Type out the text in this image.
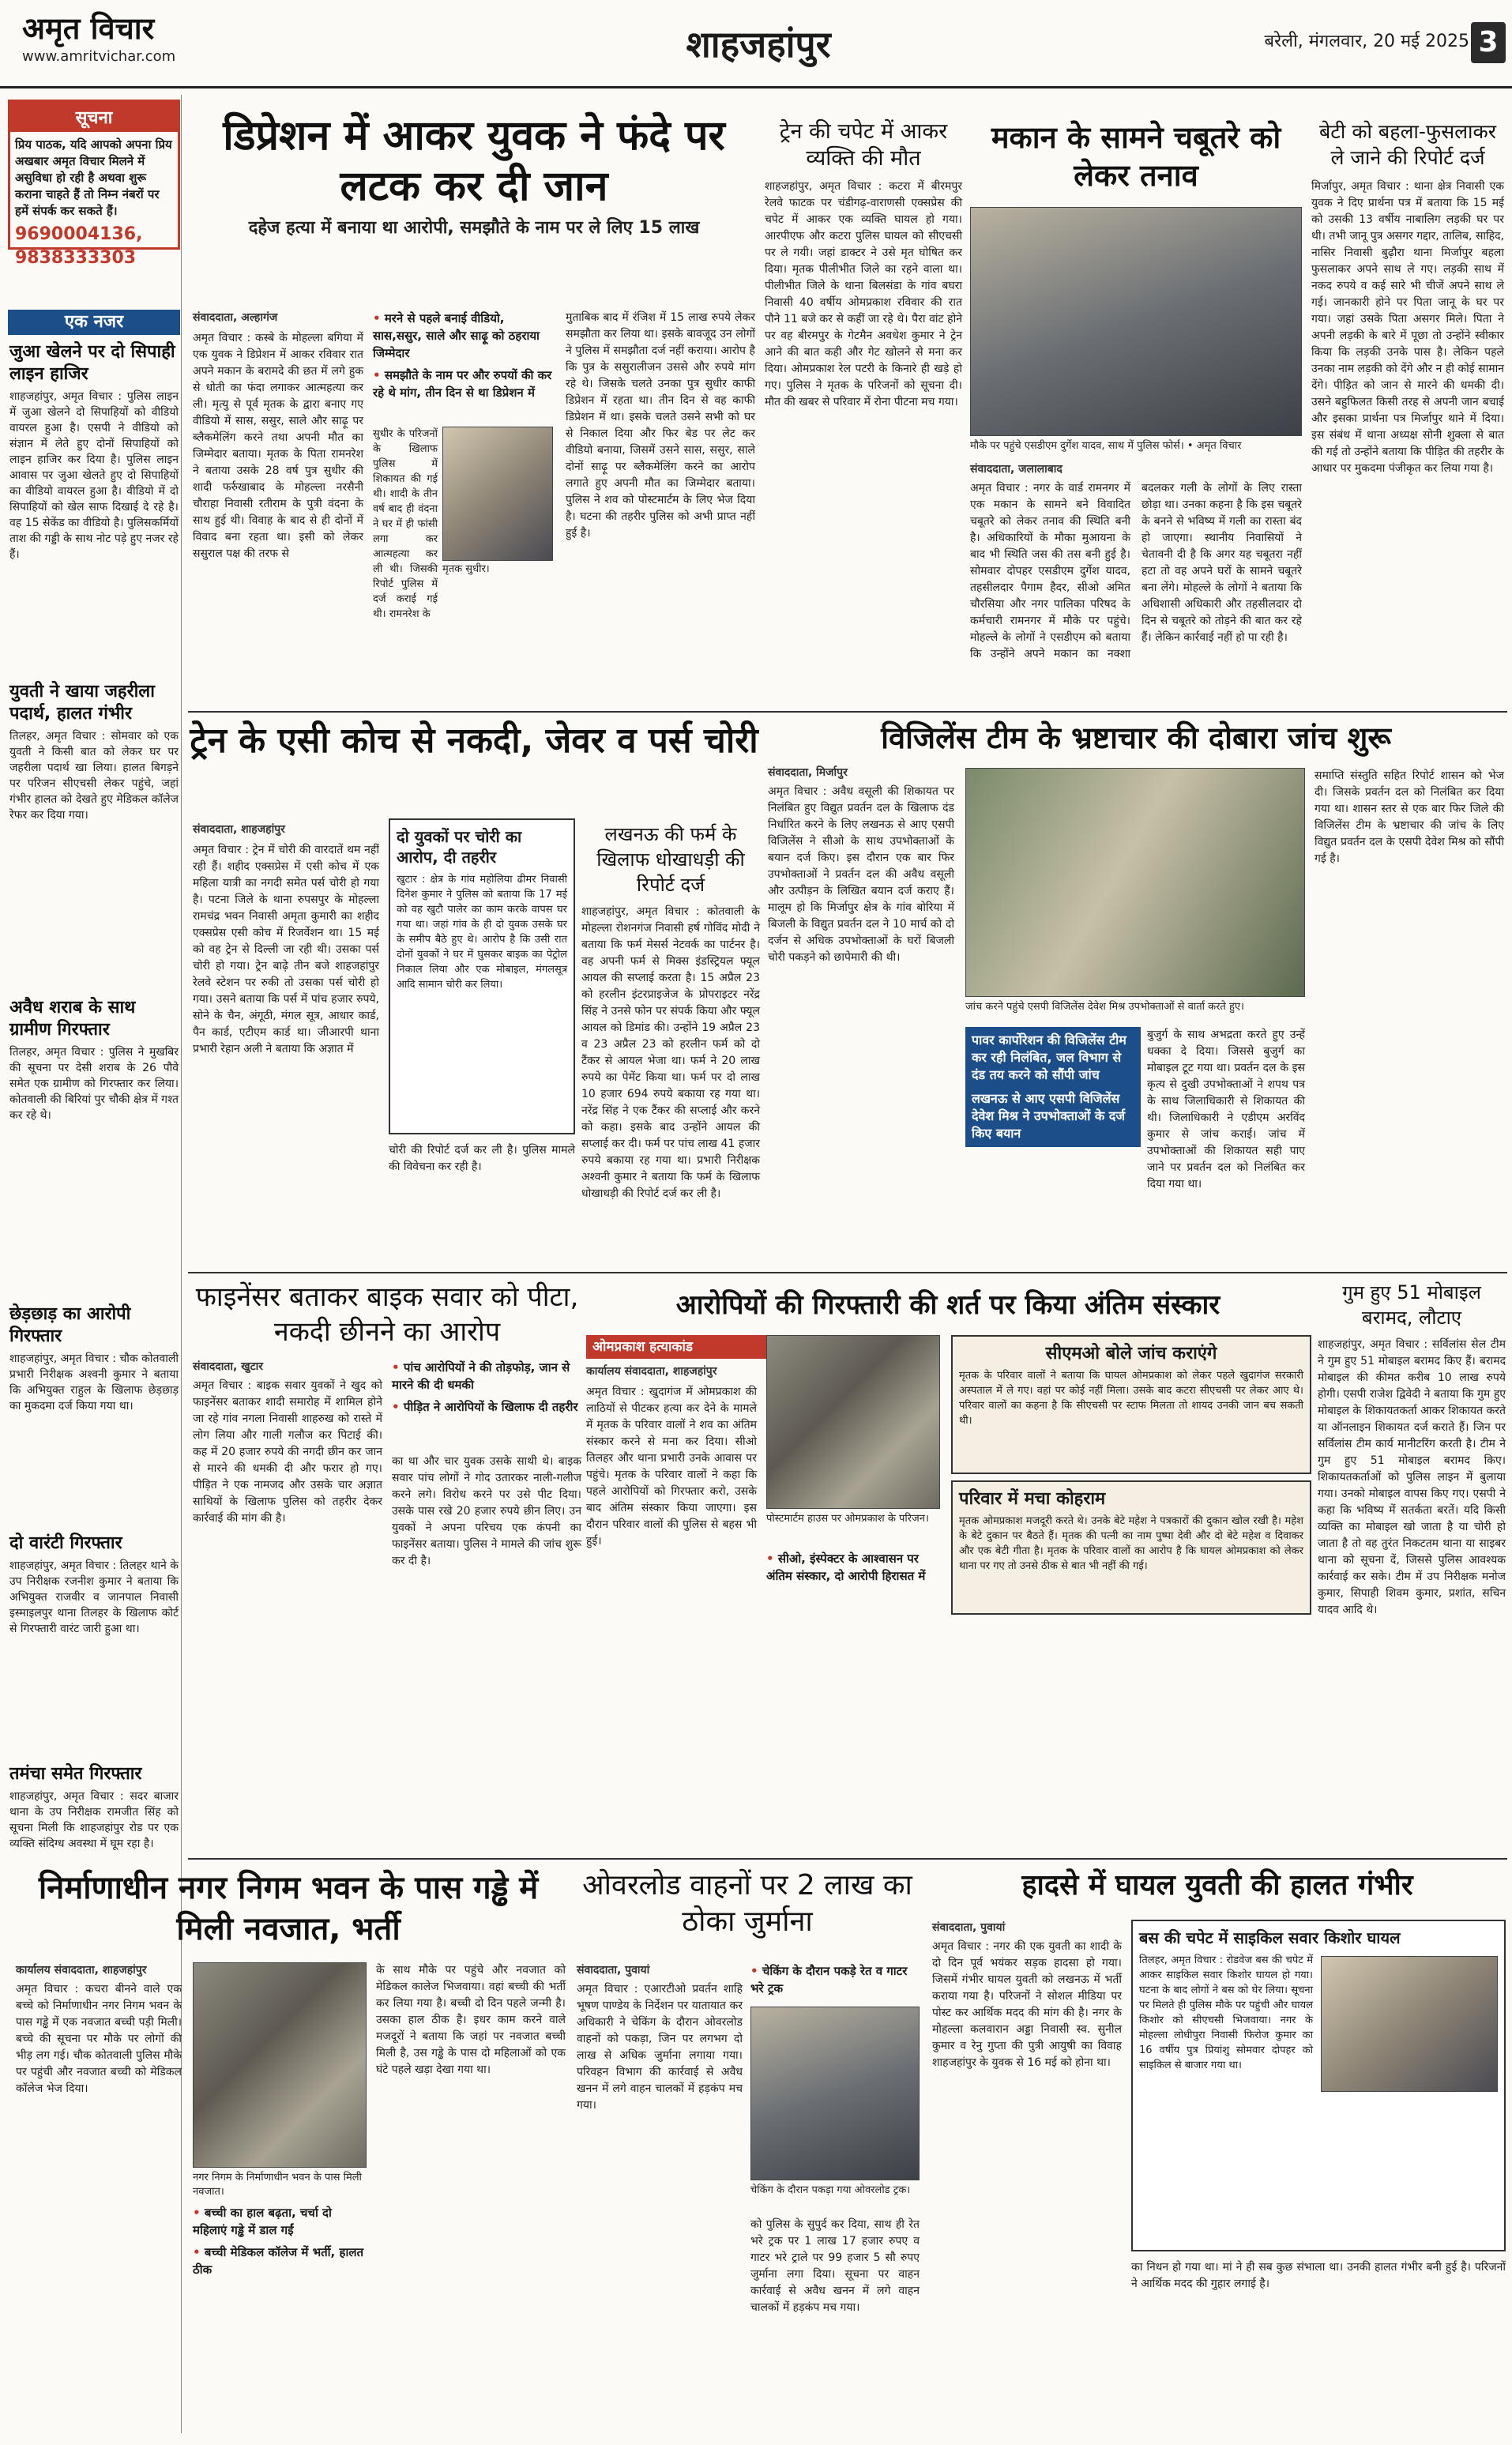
अमृत विचार
www.amritvichar.com	शाहजहांपुर	बरेली, मंगलवार, 20 मई 2025 3
सूचना
प्रिय पाठक, यदि आपको अपना प्रिय अखबार अमृत विचार मिलने में असुविधा हो रही है अथवा शुरू कराना चाहते हैं तो निम्न नंबरों पर हमें संपर्क कर सकते हैं।
9690004136, 9838333303
एक नजर
जुआ खेलने पर दो सिपाही लाइन हाजिर

शाहजहांपुर, अमृत विचार : पुलिस लाइन में जुआ खेलने दो सिपाहियों को वीडियो वायरल हुआ है। एसपी ने वीडियो को संज्ञान में लेते हुए दोनों सिपाहियों को लाइन हाजिर कर दिया है। पुलिस लाइन आवास पर जुआ खेलते हुए दो सिपाहियों का वीडियो वायरल हुआ है। वीडियो में दो सिपाहियों को खेल साफ दिखाई दे रहे है। वह 15 सेकेंड का वीडियो है। पुलिसकर्मियों ताश की गड्डी के साथ नोट पड़े हुए नजर रहे हैं।

युवती ने खाया जहरीला पदार्थ, हालत गंभीर

तिलहर, अमृत विचार : सोमवार को एक युवती ने किसी बात को लेकर घर पर जहरीला पदार्थ खा लिया। हालत बिगड़ने पर परिजन सीएचसी लेकर पहुंचे, जहां गंभीर हालत को देखते हुए मेडिकल कॉलेज रेफर कर दिया गया।

अवैध शराब के साथ ग्रामीण गिरफ्तार

तिलहर, अमृत विचार : पुलिस ने मुखबिर की सूचना पर देसी शराब के 26 पौवे समेत एक ग्रामीण को गिरफ्तार कर लिया। कोतवाली की बिरियां पुर चौकी क्षेत्र में गश्त कर रहे थे।

छेड़छाड़ का आरोपी गिरफ्तार

शाहजहांपुर, अमृत विचार : चौक कोतवाली प्रभारी निरीक्षक अश्वनी कुमार ने बताया कि अभियुक्त राहुल के खिलाफ छेड़छाड़ का मुकदमा दर्ज किया गया था।

दो वारंटी गिरफ्तार

शाहजहांपुर, अमृत विचार : तिलहर थाने के उप निरीक्षक रजनीश कुमार ने बताया कि अभियुक्त राजवीर व जानपाल निवासी इस्माइलपुर थाना तिलहर के खिलाफ कोर्ट से गिरफ्तारी वारंट जारी हुआ था।

तमंचा समेत गिरफ्तार

शाहजहांपुर, अमृत विचार : सदर बाजार थाना के उप निरीक्षक रामजीत सिंह को सूचना मिली कि शाहजहांपुर रोड पर एक व्यक्ति संदिग्ध अवस्था में घूम रहा है।

डिप्रेशन में आकर युवक ने फंदे पर लटक कर दी जान
दहेज हत्या में बनाया था आरोपी, समझौते के नाम पर ले लिए 15 लाख
संवाददाता, अल्हागंज
अमृत विचार : कस्बे के मोहल्ला बगिया में एक युवक ने डिप्रेशन में आकर रविवार रात अपने मकान के बरामदे की छत में लगे हुक से धोती का फंदा लगाकर आत्महत्या कर ली। मृत्यु से पूर्व मृतक के द्वारा बनाए गए वीडियो में सास, ससुर, साले और साढ़ू पर ब्लैकमेलिंग करने तथा अपनी मौत का जिम्मेदार बताया। मृतक के पिता रामनरेश ने बताया उसके 28 वर्ष पुत्र सुधीर की शादी फर्रुखाबाद के मोहल्ला नरसैनी चौराहा निवासी रतीराम के पुत्री वंदना के साथ हुई थी। विवाह के बाद से ही दोनों में विवाद बना रहता था। इसी को लेकर ससुराल पक्ष की तरफ से
• मरने से पहले बनाई वीडियो, सास,ससुर, साले और साढ़ू को ठहराया जिम्मेदार
• समझौते के नाम पर और रुपयों की कर रहे थे मांग, तीन दिन से था डिप्रेशन में
सुधीर के परिजनों के खिलाफ पुलिस में शिकायत की गई थी। शादी के तीन वर्ष बाद ही वंदना ने घर में ही फांसी लगा कर आत्महत्या कर ली थी। जिसकी रिपोर्ट पुलिस में दर्ज कराई गई थी। रामनरेश के
मृतक सुधीर।
मुताबिक बाद में रंजिश में 15 लाख रुपये लेकर समझौता कर लिया था। इसके बावजूद उन लोगों ने पुलिस में समझौता दर्ज नहीं कराया। आरोप है कि पुत्र के ससुरालीजन उससे और रुपये मांग रहे थे। जिसके चलते उनका पुत्र सुधीर काफी डिप्रेशन में रहता था। तीन दिन से वह काफी डिप्रेशन में था। इसके चलते उसने सभी को घर से निकाल दिया और फिर बेड पर लेट कर वीडियो बनाया, जिसमें उसने सास, ससुर, साले दोनों साढ़ू पर ब्लैकमेलिंग करने का आरोप लगाते हुए अपनी मौत का जिम्मेदार बताया। पुलिस ने शव को पोस्टमार्टम के लिए भेज दिया है। घटना की तहरीर पुलिस को अभी प्राप्त नहीं हुई है।
ट्रेन की चपेट में आकर व्यक्ति की मौत
शाहजहांपुर, अमृत विचार : कटरा में बीरमपुर रेलवे फाटक पर चंडीगढ़-वाराणसी एक्सप्रेस की चपेट में आकर एक व्यक्ति घायल हो गया। आरपीएफ और कटरा पुलिस घायल को सीएचसी पर ले गयी। जहां डाक्टर ने उसे मृत घोषित कर दिया। मृतक पीलीभीत जिले का रहने वाला था। पीलीभीत जिले के थाना बिलसंडा के गांव बघरा निवासी 40 वर्षीय ओमप्रकाश रविवार की रात पौने 11 बजे कर से कहीं जा रहे थे। पैरा वांट होने पर वह बीरमपुर के गेटमैन अवधेश कुमार ने ट्रेन आने की बात कही और गेट खोलने से मना कर दिया। ओमप्रकाश रेल पटरी के किनारे ही खड़े हो गए। पुलिस ने मृतक के परिजनों को सूचना दी। मौत की खबर से परिवार में रोना पीटना मच गया।
मकान के सामने चबूतरे को लेकर तनाव
मौके पर पहुंचे एसडीएम दुर्गेश यादव, साथ में पुलिस फोर्स। • अमृत विचार
संवाददाता, जलालाबाद
अमृत विचार : नगर के वार्ड रामनगर में एक मकान के सामने बने विवादित चबूतरे को लेकर तनाव की स्थिति बनी है। अधिकारियों के मौका मुआयना के बाद भी स्थिति जस की तस बनी हुई है। सोमवार दोपहर एसडीएम दुर्गेश यादव, तहसीलदार पैगाम हैदर, सीओ अमित चौरसिया और नगर पालिका परिषद के कर्मचारी रामनगर में मौके पर पहुंचे। मोहल्ले के लोगों ने एसडीएम को बताया कि उन्होंने अपने मकान का नक्शा बदलकर गली के लोगों के लिए रास्ता छोड़ा था। उनका कहना है कि इस चबूतरे के बनने से भविष्य में गली का रास्ता बंद हो जाएगा। स्थानीय निवासियों ने चेतावनी दी है कि अगर यह चबूतरा नहीं हटा तो वह अपने घरों के सामने चबूतरे बना लेंगे। मोहल्ले के लोगों ने बताया कि अधिशासी अधिकारी और तहसीलदार दो दिन से चबूतरे को तोड़ने की बात कर रहे हैं। लेकिन कार्रवाई नहीं हो पा रही है।
बेटी को बहला-फुसलाकर ले जाने की रिपोर्ट दर्ज
मिर्जापुर, अमृत विचार : थाना क्षेत्र निवासी एक युवक ने दिए प्रार्थना पत्र में बताया कि 15 मई को उसकी 13 वर्षीय नाबालिग लड़की घर पर थी। तभी जानू पुत्र असगर गद्दार, तालिब, साहिद, नासिर निवासी बुढ़ौरा थाना मिर्जापुर बहला फुसलाकर अपने साथ ले गए। लड़की साथ में नकद रुपये व कई सारे भी चीजें अपने साथ ले गई। जानकारी होने पर पिता जानू के घर पर गया। जहां उसके पिता असगर मिले। पिता ने अपनी लड़की के बारे में पूछा तो उन्होंने स्वीकार किया कि लड़की उनके पास है। लेकिन पहले उनका नाम लड़की को देंगे और न ही कोई सामान देंगे। पीड़ित को जान से मारने की धमकी दी। उसने बहुफिलत किसी तरह से अपनी जान बचाई और इसका प्रार्थना पत्र मिर्जापुर थाने में दिया। इस संबंध में थाना अध्यक्ष सोनी शुक्ला से बात की गई तो उन्होंने बताया कि पीड़ित की तहरीर के आधार पर मुकदमा पंजीकृत कर लिया गया है।
ट्रेन के एसी कोच से नकदी, जेवर व पर्स चोरी
संवाददाता, शाहजहांपुर
अमृत विचार : ट्रेन में चोरी की वारदातें थम नहीं रही हैं। शहीद एक्सप्रेस में एसी कोच में एक महिला यात्री का नगदी समेत पर्स चोरी हो गया है। पटना जिले के थाना रुपसपुर के मोहल्ला रामचंद्र भवन निवासी अमृता कुमारी का शहीद एक्सप्रेस एसी कोच में रिजर्वेशन था। 15 मई को वह ट्रेन से दिल्ली जा रही थी। उसका पर्स चोरी हो गया। ट्रेन बाढ़े तीन बजे शाहजहांपुर रेलवे स्टेशन पर रुकी तो उसका पर्स चोरी हो गया। उसने बताया कि पर्स में पांच हजार रुपये, सोने के चैन, अंगूठी, मंगल सूत्र, आधार कार्ड, पैन कार्ड, एटीएम कार्ड था। जीआरपी थाना प्रभारी रेहान अली ने बताया कि अज्ञात में
दो युवकों पर चोरी का आरोप, दी तहरीर
खुटार : क्षेत्र के गांव महोलिया ढीमर निवासी दिनेश कुमार ने पुलिस को बताया कि 17 मई को वह खुटौ पालेर का काम करके वापस घर गया था। जहां गांव के ही दो युवक उसके घर के समीप बैठे हुए थे। आरोप है कि उसी रात दोनों युवकों ने घर में घुसकर बाइक का पेट्रोल निकाल लिया और एक मोबाइल, मंगलसूत्र आदि सामान चोरी कर लिया।
चोरी की रिपोर्ट दर्ज कर ली है। पुलिस मामले की विवेचना कर रही है।
लखनऊ की फर्म के खिलाफ धोखाधड़ी की रिपोर्ट दर्ज
शाहजहांपुर, अमृत विचार : कोतवाली के मोहल्ला रोशनगंज निवासी हर्ष गोविंद मोदी ने बताया कि फर्म मेसर्स नेटवर्क का पार्टनर है। वह अपनी फर्म से मिक्स इंडस्ट्रियल फ्यूल आयल की सप्लाई करता है। 15 अप्रैल 23 को हरलीन इंटरप्राइजेज के प्रोपराइटर नरेंद्र सिंह ने उनसे फोन पर संपर्क किया और फ्यूल आयल को डिमांड की। उन्होंने 19 अप्रैल 23 व 23 अप्रैल 23 को हरलीन फर्म को दो टैंकर से आयल भेजा था। फर्म ने 20 लाख रुपये का पेमेंट किया था। फर्म पर दो लाख 10 हजार 694 रुपये बकाया रह गया था। नरेंद्र सिंह ने एक टैंकर की सप्लाई और करने को कहा। इसके बाद उन्होंने आयल की सप्लाई कर दी। फर्म पर पांच लाख 41 हजार रुपये बकाया रह गया था। प्रभारी निरीक्षक अश्वनी कुमार ने बताया कि फर्म के खिलाफ धोखाधड़ी की रिपोर्ट दर्ज कर ली है।
विजिलेंस टीम के भ्रष्टाचार की दोबारा जांच शुरू
संवाददाता, मिर्जापुर
अमृत विचार : अवैध वसूली की शिकायत पर निलंबित हुए विद्युत प्रवर्तन दल के खिलाफ दंड निर्धारित करने के लिए लखनऊ से आए एसपी विजिलेंस ने सीओ के साथ उपभोक्ताओं के बयान दर्ज किए। इस दौरान एक बार फिर उपभोक्ताओं ने प्रवर्तन दल की अवैध वसूली और उत्पीड़न के लिखित बयान दर्ज कराए हैं। मालूम हो कि मिर्जापुर क्षेत्र के गांव बोरिया में बिजली के विद्युत प्रवर्तन दल ने 10 मार्च को दो दर्जन से अधिक उपभोक्ताओं के घरों बिजली चोरी पकड़ने को छापेमारी की थी।
जांच करने पहुंचे एसपी विजिलेंस देवेश मिश्र उपभोक्ताओं से वार्ता करते हुए।
पावर कार्पोरेशन की विजिलेंस टीम कर रही निलंबित, जल विभाग से दंड तय करने को सौंपी जांच
लखनऊ से आए एसपी विजिलेंस देवेश मिश्र ने उपभोक्ताओं के दर्ज किए बयान
बुजुर्ग के साथ अभद्रता करते हुए उन्हें धक्का दे दिया। जिससे बुजुर्ग का मोबाइल टूट गया था। प्रवर्तन दल के इस कृत्य से दुखी उपभोक्ताओं ने शपथ पत्र के साथ जिलाधिकारी से शिकायत की थी। जिलाधिकारी ने एडीएम अरविंद कुमार से जांच कराई। जांच में उपभोक्ताओं की शिकायत सही पाए जाने पर प्रवर्तन दल को निलंबित कर दिया गया था।
समाप्ति संस्तुति सहित रिपोर्ट शासन को भेज दी। जिसके प्रवर्तन दल को निलंबित कर दिया गया था। शासन स्तर से एक बार फिर जिले की विजिलेंस टीम के भ्रष्टाचार की जांच के लिए विद्युत प्रवर्तन दल के एसपी देवेश मिश्र को सौंपी गई है।
फाइनेंसर बताकर बाइक सवार को पीटा, नकदी छीनने का आरोप
संवाददाता, खुटार
अमृत विचार : बाइक सवार युवकों ने खुद को फाइनेंसर बताकर शादी समारोह में शामिल होने जा रहे गांव नगला निवासी शाहरुख को रास्ते में लोग लिया और गाली गलौज कर पिटाई की। कह में 20 हजार रुपये की नगदी छीन कर जान से मारने की धमकी दी और फरार हो गए। पीड़ित ने एक नामजद और उसके चार अज्ञात साथियों के खिलाफ पुलिस को तहरीर देकर कार्रवाई की मांग की है।
• पांच आरोपियों ने की तोड़फोड़, जान से मारने की दी धमकी
• पीड़ित ने आरोपियों के खिलाफ दी तहरीर
का था और चार युवक उसके साथी थे। बाइक सवार पांच लोगों ने गोद उतारकर नाली-गलीज करने लगे। विरोध करने पर उसे पीट दिया। उसके पास रखे 20 हजार रुपये छीन लिए। उन युवकों ने अपना परिचय एक कंपनी का फाइनेंसर बताया। पुलिस ने मामले की जांच शुरू कर दी है।
आरोपियों की गिरफ्तारी की शर्त पर किया अंतिम संस्कार
ओमप्रकाश हत्याकांड
कार्यालय संवाददाता, शाहजहांपुर
अमृत विचार : खुदागंज में ओमप्रकाश की लाठियों से पीटकर हत्या कर देने के मामले में मृतक के परिवार वालों ने शव का अंतिम संस्कार करने से मना कर दिया। सीओ तिलहर और थाना प्रभारी उनके आवास पर पहुंचे। मृतक के परिवार वालों ने कहा कि पहले आरोपियों को गिरफ्तार करो, उसके बाद अंतिम संस्कार किया जाएगा। इस दौरान परिवार वालों की पुलिस से बहस भी हुई।
पोस्टमार्टम हाउस पर ओमप्रकाश के परिजन।
• सीओ, इंस्पेक्टर के आश्वासन पर अंतिम संस्कार, दो आरोपी हिरासत में
सीएमओ बोले जांच कराएंगे
मृतक के परिवार वालों ने बताया कि घायल ओमप्रकाश को लेकर पहले खुदागंज सरकारी अस्पताल में ले गए। वहां पर कोई नहीं मिला। उसके बाद कटरा सीएचसी पर लेकर आए थे। परिवार वालों का कहना है कि सीएचसी पर स्टाफ मिलता तो शायद उनकी जान बच सकती थी।
परिवार में मचा कोहराम
मृतक ओमप्रकाश मजदूरी करते थे। उनके बेटे महेश ने पत्रकारों की दुकान खोल रखी है। महेश के बेटे दुकान पर बैठते हैं। मृतक की पत्नी का नाम पुष्पा देवी और दो बेटे महेश व दिवाकर और एक बेटी गीता है। मृतक के परिवार वालों का आरोप है कि घायल ओमप्रकाश को लेकर थाना पर गए तो उनसे ठीक से बात भी नहीं की गई।
गुम हुए 51 मोबाइल बरामद, लौटाए
शाहजहांपुर, अमृत विचार : सर्विलांस सेल टीम ने गुम हुए 51 मोबाइल बरामद किए हैं। बरामद मोबाइल की कीमत करीब 10 लाख रुपये होगी। एसपी राजेश द्विवेदी ने बताया कि गुम हुए मोबाइल के शिकायतकर्ता आकर शिकायत करते या ऑनलाइन शिकायत दर्ज कराते हैं। जिन पर सर्विलांस टीम कार्य मानीटरिंग करती है। टीम ने गुम हुए 51 मोबाइल बरामद किए। शिकायतकर्ताओं को पुलिस लाइन में बुलाया गया। उनको मोबाइल वापस किए गए। एसपी ने कहा कि भविष्य में सतर्कता बरतें। यदि किसी व्यक्ति का मोबाइल खो जाता है या चोरी हो जाता है तो वह तुरंत निकटतम थाना या साइबर थाना को सूचना दें, जिससे पुलिस आवश्यक कार्रवाई कर सके। टीम में उप निरीक्षक मनोज कुमार, सिपाही शिवम कुमार, प्रशांत, सचिन यादव आदि थे।
निर्माणाधीन नगर निगम भवन के पास गड्ढे में मिली नवजात, भर्ती
कार्यालय संवाददाता, शाहजहांपुर
अमृत विचार : कचरा बीनने वाले एक बच्चे को निर्माणाधीन नगर निगम भवन के पास गड्ढे में एक नवजात बच्ची पड़ी मिली। बच्चे की सूचना पर मौके पर लोगों की भीड़ लग गई। चौक कोतवाली पुलिस मौके पर पहुंची और नवजात बच्ची को मेडिकल कॉलेज भेज दिया।
नगर निगम के निर्माणाधीन भवन के पास मिली नवजात।
• बच्ची का हाल बढ़ता, चर्चा दो महिलाएं गड्ढे में डाल गईं
• बच्ची मेडिकल कॉलेज में भर्ती, हालत ठीक
के साथ मौके पर पहुंचे और नवजात को मेडिकल कालेज भिजवाया। वहां बच्ची की भर्ती कर लिया गया है। बच्ची दो दिन पहले जन्मी है। उसका हाल ठीक है। इधर काम करने वाले मजदूरों ने बताया कि जहां पर नवजात बच्ची मिली है, उस गड्ढे के पास दो महिलाओं को एक घंटे पहले खड़ा देखा गया था।
ओवरलोड वाहनों पर 2 लाख का ठोका जुर्माना
संवाददाता, पुवायां
अमृत विचार : एआरटीओ प्रवर्तन शाहि भूषण पाण्डेय के निर्देशन पर यातायात कर अधिकारी ने चेकिंग के दौरान ओवरलोड वाहनों को पकड़ा, जिन पर लगभग दो लाख से अधिक जुर्माना लगाया गया। परिवहन विभाग की कार्रवाई से अवैध खनन में लगे वाहन चालकों में हड़कंप मच गया।
• चेकिंग के दौरान पकड़े रेत व गाटर भरे ट्रक
चेकिंग के दौरान पकड़ा गया ओवरलोड ट्रक।
को पुलिस के सुपुर्द कर दिया, साथ ही रेत भरे ट्रक पर 1 लाख 17 हजार रुपए व गाटर भरे ट्राले पर 99 हजार 5 सौ रुपए जुर्माना लगा दिया। सूचना पर वाहन कार्रवाई से अवैध खनन में लगे वाहन चालकों में हड़कंप मच गया।
हादसे में घायल युवती की हालत गंभीर
संवाददाता, पुवायां
अमृत विचार : नगर की एक युवती का शादी के दो दिन पूर्व भयंकर सड़क हादसा हो गया। जिसमें गंभीर घायल युवती को लखनऊ में भर्ती कराया गया है। परिजनों ने सोशल मीडिया पर पोस्ट कर आर्थिक मदद की मांग की है। नगर के मोहल्ला कलवारान अड्डा निवासी स्व. सुनील कुमार व रेनु गुप्ता की पुत्री आयुषी का विवाह शाहजहांपुर के युवक से 16 मई को होना था।
बस की चपेट में साइकिल सवार किशोर घायल
तिलहर, अमृत विचार : रोडवेज बस की चपेट में आकर साइकिल सवार किशोर घायल हो गया। घटना के बाद लोगों ने बस को घेर लिया। सूचना पर मिलते ही पुलिस मौके पर पहुंची और घायल किशोर को सीएचसी भिजवाया। नगर के मोहल्ला लोधीपुरा निवासी फिरोज कुमार का 16 वर्षीय पुत्र प्रियांशु सोमवार दोपहर को साइकिल से बाजार गया था।
का निधन हो गया था। मां ने ही सब कुछ संभाला था। उनकी हालत गंभीर बनी हुई है। परिजनों ने आर्थिक मदद की गुहार लगाई है।
